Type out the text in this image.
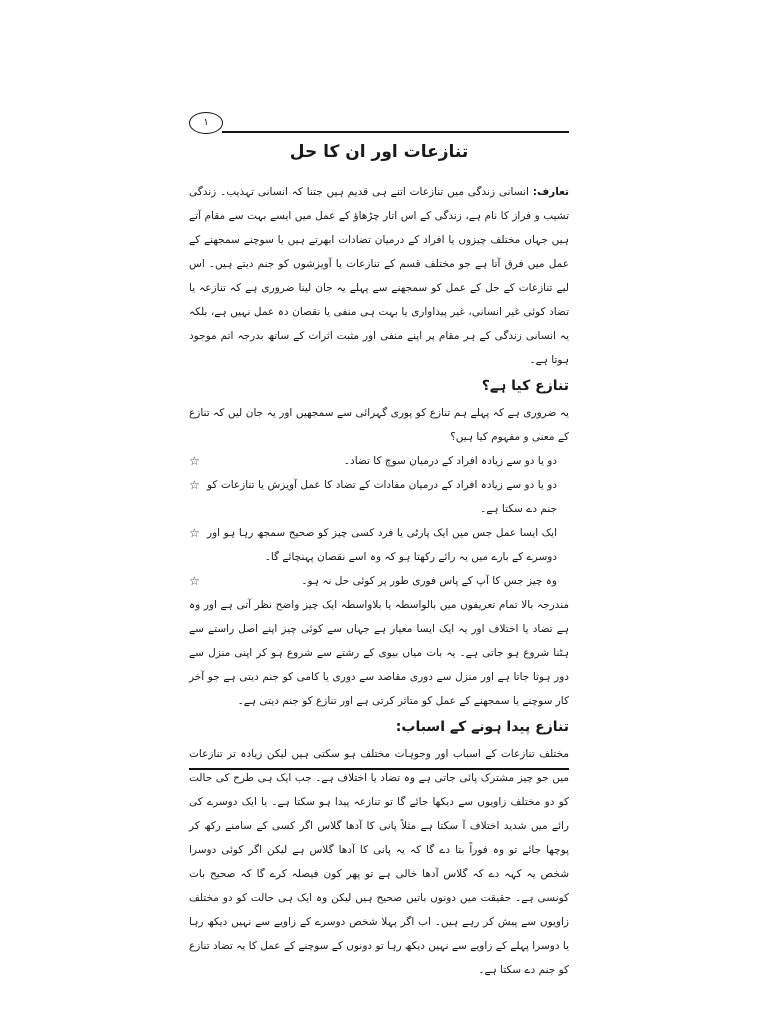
۱
تنازعات اور ان کا حل

تعارف: انسانی زندگی میں تنازعات اتنے ہی قدیم ہیں جتنا کہ انسانی تہذیب۔ زندگی تشیب و فراز کا نام ہے، زندگی کے اس اتار چڑھاؤ کے عمل میں ایسے بہت سے مقام آتے ہیں جہاں مختلف چیزوں یا افراد کے درمیان تضادات ابھرتے ہیں یا سوچنے سمجھنے کے عمل میں فرق آتا ہے جو مختلف قسم کے تنازعات یا آویزشوں کو جنم دیتے ہیں۔ اس لیے تنازعات کے حل کے عمل کو سمجھنے سے پہلے یہ جان لینا ضروری ہے کہ تنازعہ یا تضاد کوئی غیر انسانی، غیر پیداواری یا بہت ہی منفی یا نقصان دہ عمل نہیں ہے، بلکہ یہ انسانی زندگی کے ہر مقام پر اپنے منفی اور مثبت اثرات کے ساتھ بدرجہ اتم موجود ہوتا ہے۔

تنازع کیا ہے؟

یہ ضروری ہے کہ پہلے ہم تنازع کو پوری گہرائی سے سمجھیں اور یہ جان لیں کہ تنازع کے معنی و مفہوم کیا ہیں؟

☆	دو یا دو سے زیادہ افراد کے درمیان سوچ کا تضاد۔
☆ دو یا دو سے زیادہ افراد کے درمیان مفادات کے تضاد کا عمل آویزش یا تنازعات کو جنم دے سکتا ہے۔
☆ ایک ایسا عمل جس میں ایک پارٹی یا فرد کسی چیز کو صحیح سمجھ رہا ہو اور دوسرے کے بارے میں یہ رائے رکھتا ہو کہ وہ اسے نقصان پہنچائے گا۔
☆	وہ چیز جس کا آپ کے پاس فوری طور پر کوئی حل نہ ہو۔

مندرجہ بالا تمام تعریفوں میں بالواسطہ یا بلاواسطہ ایک چیز واضح نظر آتی ہے اور وہ ہے تضاد یا اختلاف اور یہ ایک ایسا معیار ہے جہاں سے کوئی چیز اپنے اصل راستے سے ہٹنا شروع ہو جاتی ہے۔ یہ بات میاں بیوی کے رشتے سے شروع ہو کر اپنی منزل سے دور ہوتا جاتا ہے اور منزل سے دوری مقاصد سے دوری یا کامی کو جنم دیتی ہے جو آخر کار سوچنے یا سمجھنے کے عمل کو متاثر کرتی ہے اور تنازع کو جنم دیتی ہے۔

تنازع پیدا ہونے کے اسباب:

مختلف تنازعات کے اسباب اور وجوہات مختلف ہو سکتی ہیں لیکن زیادہ تر تنازعات میں جو چیز مشترک پائی جاتی ہے وہ تضاد یا اختلاف ہے۔ جب ایک ہی طرح کی حالت کو دو مختلف زاویوں سے دیکھا جائے گا تو تنازعہ پیدا ہو سکتا ہے۔ یا ایک دوسرے کی رائے میں شدید اختلاف آ سکتا ہے مثلاً پانی کا آدھا گلاس اگر کسی کے سامنے رکھ کر پوچھا جائے تو وہ فوراً بتا دے گا کہ یہ پانی کا آدھا گلاس ہے لیکن اگر کوئی دوسرا شخص یہ کہہ دے کہ گلاس آدھا خالی ہے تو پھر کون فیصلہ کرے گا کہ صحیح بات کونسی ہے۔ حقیقت میں دونوں باتیں صحیح ہیں لیکن وہ ایک ہی حالت کو دو مختلف زاویوں سے پیش کر رہے ہیں۔ اب اگر پہلا شخص دوسرے کے زاویے سے نہیں دیکھ رہا یا دوسرا پہلے کے زاویے سے نہیں دیکھ رہا تو دونوں کے سوچنے کے عمل کا یہ تضاد تنازع کو جنم دے سکتا ہے۔
